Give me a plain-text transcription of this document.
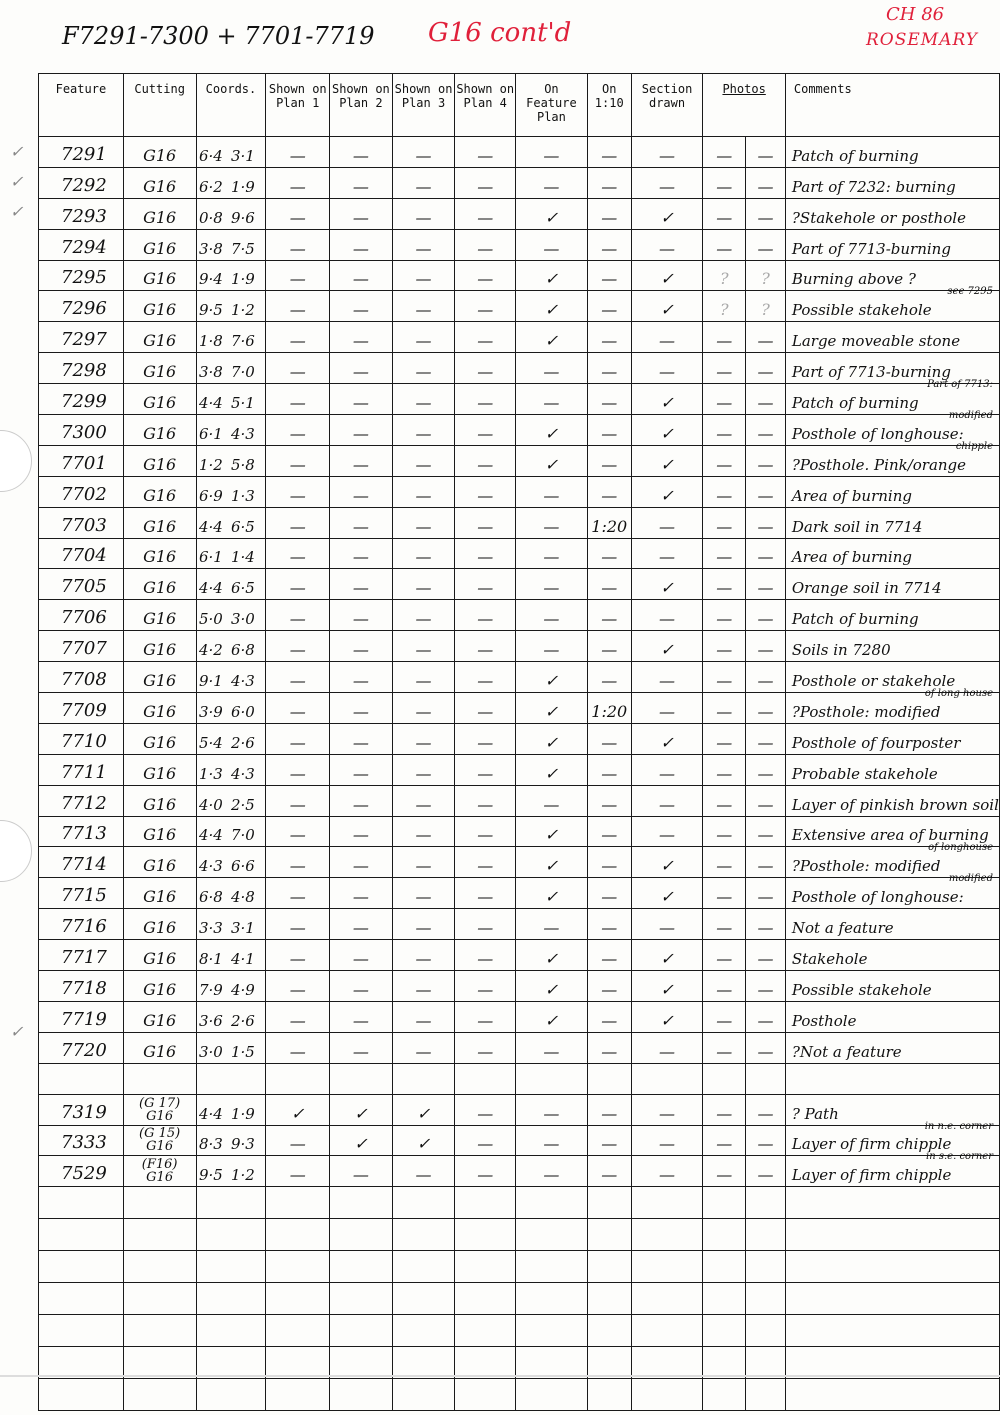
F7291-7300 + 7701-7719 G16 cont'd
CH 86
ROSEMARY
✓
✓
✓
✓
Feature	Cutting	Coords.	Shown on Plan 1	Shown on Plan 2	Shown on Plan 3	Shown on Plan 4	On Feature Plan	On 1:10	Section drawn	Photos		Comments
7291	G16	6·4 3·1	—	—	—	—	—	—	—	—	—	Patch of burning

7292	G16	6·2 1·9	—	—	—	—	—	—	—	—	—	Part of 7232: burning

7293	G16	0·8 9·6	—	—	—	—	✓	—	✓	—	—	?Stakehole or posthole

7294	G16	3·8 7·5	—	—	—	—	—	—	—	—	—	Part of 7713-burning

7295	G16	9·4 1·9	—	—	—	—	✓	—	✓	?	?	Burning above ?

7296	G16	9·5 1·2	—	—	—	—	✓	—	✓	?	?	Possible stakehole
see 7295

7297	G16	1·8 7·6	—	—	—	—	✓	—	—	—	—	Large moveable stone

7298	G16	3·8 7·0	—	—	—	—	—	—	—	—	—	Part of 7713-burning

7299	G16	4·4 5·1	—	—	—	—	—	—	✓	—	—	Patch of burning
Part of 7713:

7300	G16	6·1 4·3	—	—	—	—	✓	—	✓	—	—	Posthole of longhouse:
modified

7701	G16	1·2 5·8	—	—	—	—	✓	—	✓	—	—	?Posthole. Pink/orange
chipple

7702	G16	6·9 1·3	—	—	—	—	—	—	✓	—	—	Area of burning

7703	G16	4·4 6·5	—	—	—	—	—	1:20	—	—	—	Dark soil in 7714

7704	G16	6·1 1·4	—	—	—	—	—	—	—	—	—	Area of burning

7705	G16	4·4 6·5	—	—	—	—	—	—	✓	—	—	Orange soil in 7714

7706	G16	5·0 3·0	—	—	—	—	—	—	—	—	—	Patch of burning

7707	G16	4·2 6·8	—	—	—	—	—	—	✓	—	—	Soils in 7280

7708	G16	9·1 4·3	—	—	—	—	✓	—	—	—	—	Posthole or stakehole

7709	G16	3·9 6·0	—	—	—	—	✓	1:20	—	—	—	?Posthole: modified
of long house

7710	G16	5·4 2·6	—	—	—	—	✓	—	✓	—	—	Posthole of fourposter

7711	G16	1·3 4·3	—	—	—	—	✓	—	—	—	—	Probable stakehole

7712	G16	4·0 2·5	—	—	—	—	—	—	—	—	—	Layer of pinkish brown soil

7713	G16	4·4 7·0	—	—	—	—	✓	—	—	—	—	Extensive area of burning

7714	G16	4·3 6·6	—	—	—	—	✓	—	✓	—	—	?Posthole: modified
of longhouse

7715	G16	6·8 4·8	—	—	—	—	✓	—	✓	—	—	Posthole of longhouse:
modified

7716	G16	3·3 3·1	—	—	—	—	—	—	—	—	—	Not a feature

7717	G16	8·1 4·1	—	—	—	—	✓	—	✓	—	—	Stakehole

7718	G16	7·9 4·9	—	—	—	—	✓	—	✓	—	—	Possible stakehole

7719	G16	3·6 2·6	—	—	—	—	✓	—	✓	—	—	Posthole

7720	G16	3·0 1·5	—	—	—	—	—	—	—	—	—	?Not a feature

7319	(G 17)
G16	4·4 1·9	✓	✓	✓	—	—	—	—	—	—	? Path

7333	(G 15)
G16	8·3 9·3	—	✓	✓	—	—	—	—	—	—	Layer of firm chipple
in n.e. corner

7529	(F16)
G16	9·5 1·2	—	—	—	—	—	—	—	—	—	Layer of firm chipple
in s.e. corner
